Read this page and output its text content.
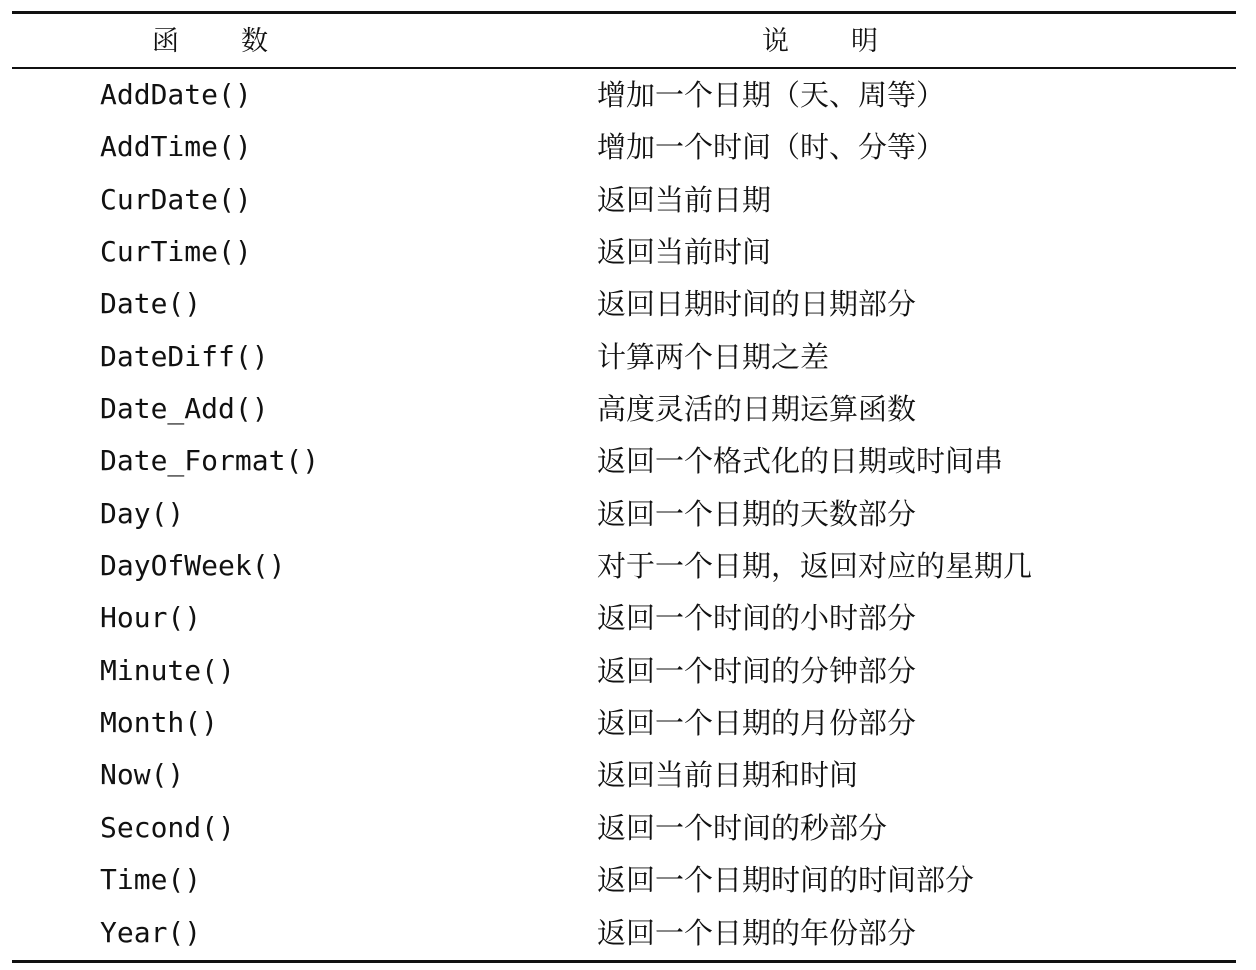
函数	说明
AddDate()	增加一个日期（天、周等）
AddTime()	增加一个时间（时、分等）
CurDate()	返回当前日期
CurTime()	返回当前时间
Date()	返回日期时间的日期部分
DateDiff()	计算两个日期之差
Date_Add()	高度灵活的日期运算函数
Date_Format()	返回一个格式化的日期或时间串
Day()	返回一个日期的天数部分
DayOfWeek()	对于一个日期，返回对应的星期几
Hour()	返回一个时间的小时部分
Minute()	返回一个时间的分钟部分
Month()	返回一个日期的月份部分
Now()	返回当前日期和时间
Second()	返回一个时间的秒部分
Time()	返回一个日期时间的时间部分
Year()	返回一个日期的年份部分
